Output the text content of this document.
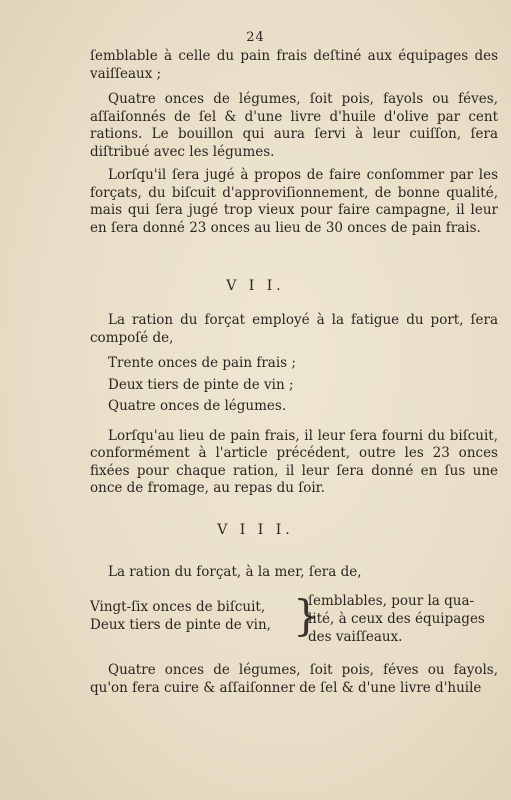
24
ſemblable à celle du pain frais deſtiné aux équipages des vaiſſeaux ;
Quatre onces de légumes, ſoit pois, fayols ou féves, aſſaiſonnés de ſel & d'une livre d'huile d'olive par cent rations. Le bouillon qui aura ſervi à leur cuiſſon, ſera diſtribué avec les légumes.
Lorſqu'il ſera jugé à propos de faire conſommer par les forçats, du biſcuit d'approviſionnement, de bonne qualité, mais qui ſera jugé trop vieux pour faire campagne, il leur en ſera donné 23 onces au lieu de 30 onces de pain frais.
V I I.
La ration du forçat employé à la fatigue du port, ſera compoſé de,
Trente onces de pain frais ;
Deux tiers de pinte de vin ;
Quatre onces de légumes.
Lorſqu'au lieu de pain frais, il leur ſera fourni du biſcuit, conformément à l'article précédent, outre les 23 onces fixées pour chaque ration, il leur ſera donné en ſus une once de fromage, au repas du ſoir.
V I I I.
La ration du forçat, à la mer, ſera de,
Vingt-ſix onces de biſcuit,
Deux tiers de pinte de vin, }
ſemblables, pour la qua-
lité, à ceux des équipages
des vaiſſeaux.
Quatre onces de légumes, ſoit pois, féves ou fayols, qu'on fera cuire & aſſaiſonner de ſel & d'une livre d'huile
